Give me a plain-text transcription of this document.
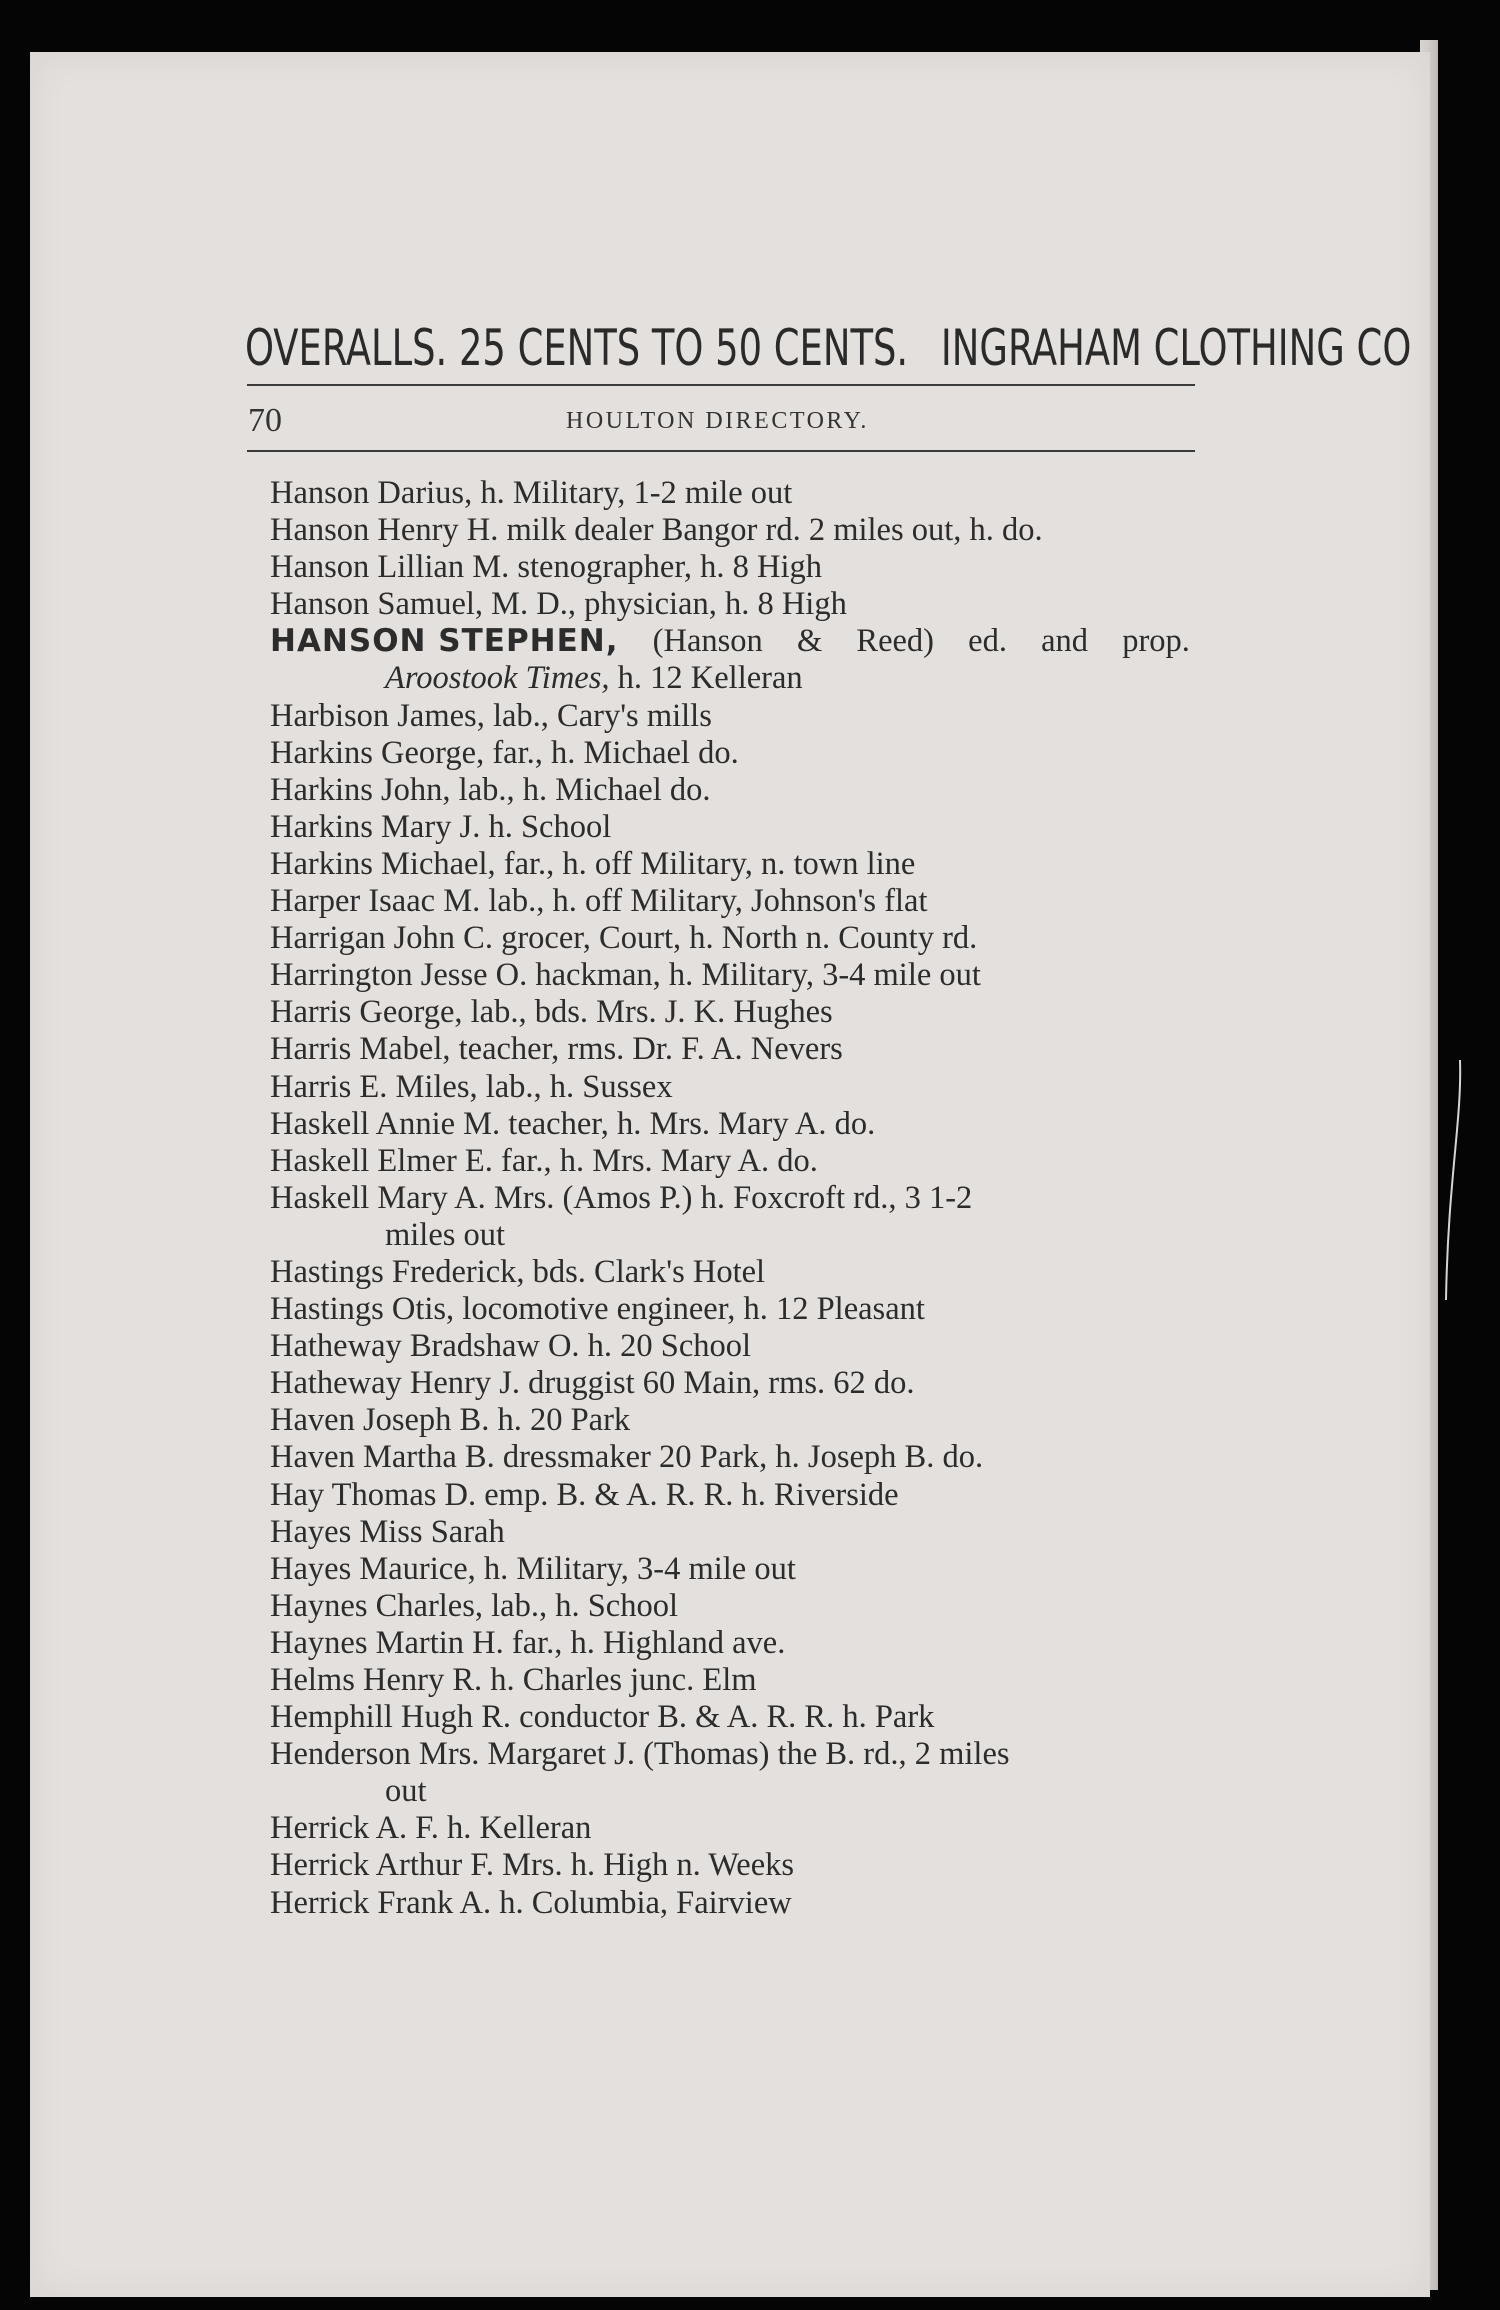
OVERALLS. 25 CENTS TO 50 CENTS. INGRAHAM CLOTHING CO
70	HOULTON DIRECTORY.
Hanson Darius, h. Military, 1-2 mile out
Hanson Henry H. milk dealer Bangor rd. 2 miles out, h. do.
Hanson Lillian M. stenographer, h. 8 High
Hanson Samuel, M. D., physician, h. 8 High
HANSON STEPHEN, (Hanson & Reed) ed. and prop.
Aroostook Times, h. 12 Kelleran
Harbison James, lab., Cary's mills
Harkins George, far., h. Michael do.
Harkins John, lab., h. Michael do.
Harkins Mary J. h. School
Harkins Michael, far., h. off Military, n. town line
Harper Isaac M. lab., h. off Military, Johnson's flat
Harrigan John C. grocer, Court, h. North n. County rd.
Harrington Jesse O. hackman, h. Military, 3-4 mile out
Harris George, lab., bds. Mrs. J. K. Hughes
Harris Mabel, teacher, rms. Dr. F. A. Nevers
Harris E. Miles, lab., h. Sussex
Haskell Annie M. teacher, h. Mrs. Mary A. do.
Haskell Elmer E. far., h. Mrs. Mary A. do.
Haskell Mary A. Mrs. (Amos P.) h. Foxcroft rd., 3 1-2
miles out
Hastings Frederick, bds. Clark's Hotel
Hastings Otis, locomotive engineer, h. 12 Pleasant
Hatheway Bradshaw O. h. 20 School
Hatheway Henry J. druggist 60 Main, rms. 62 do.
Haven Joseph B. h. 20 Park
Haven Martha B. dressmaker 20 Park, h. Joseph B. do.
Hay Thomas D. emp. B. & A. R. R. h. Riverside
Hayes Miss Sarah
Hayes Maurice, h. Military, 3-4 mile out
Haynes Charles, lab., h. School
Haynes Martin H. far., h. Highland ave.
Helms Henry R. h. Charles junc. Elm
Hemphill Hugh R. conductor B. & A. R. R. h. Park
Henderson Mrs. Margaret J. (Thomas) the B. rd., 2 miles
out
Herrick A. F. h. Kelleran
Herrick Arthur F. Mrs. h. High n. Weeks
Herrick Frank A. h. Columbia, Fairview
